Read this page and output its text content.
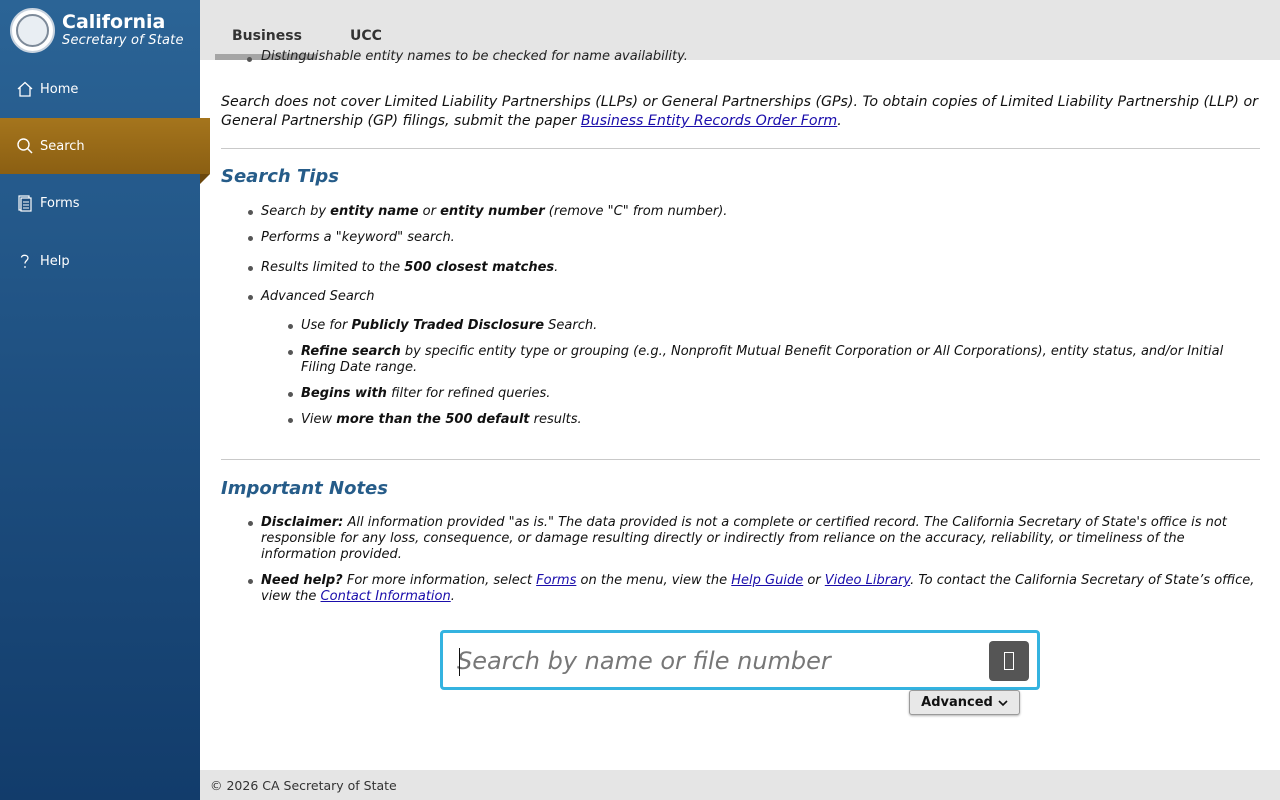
California
Secretary of State
Home
Search
Forms
Help
Business	UCC
Distinguishable entity names to be checked for name availability.

Search does not cover Limited Liability Partnerships (LLPs) or General Partnerships (GPs). To obtain copies of Limited Liability Partnership (LLP) or General Partnership (GP) filings, submit the paper Business Entity Records Order Form.

Search Tips
Search by entity name or entity number (remove "C" from number).
Performs a "keyword" search.
Results limited to the 500 closest matches.
Advanced Search
Use for Publicly Traded Disclosure Search.
Refine search by specific entity type or grouping (e.g., Nonprofit Mutual Benefit Corporation or All Corporations), entity status, and/or Initial Filing Date range.
Begins with filter for refined queries.
View more than the 500 default results.
Important Notes
Disclaimer: All information provided "as is." The data provided is not a complete or certified record. The California Secretary of State's office is not responsible for any loss, consequence, or damage resulting directly or indirectly from reliance on the accuracy, reliability, or timeliness of the information provided.
Need help? For more information, select Forms on the menu, view the Help Guide or Video Library. To contact the California Secretary of State’s office, view the Contact Information.
Search by name or file number
Advanced
© 2026 CA Secretary of State
